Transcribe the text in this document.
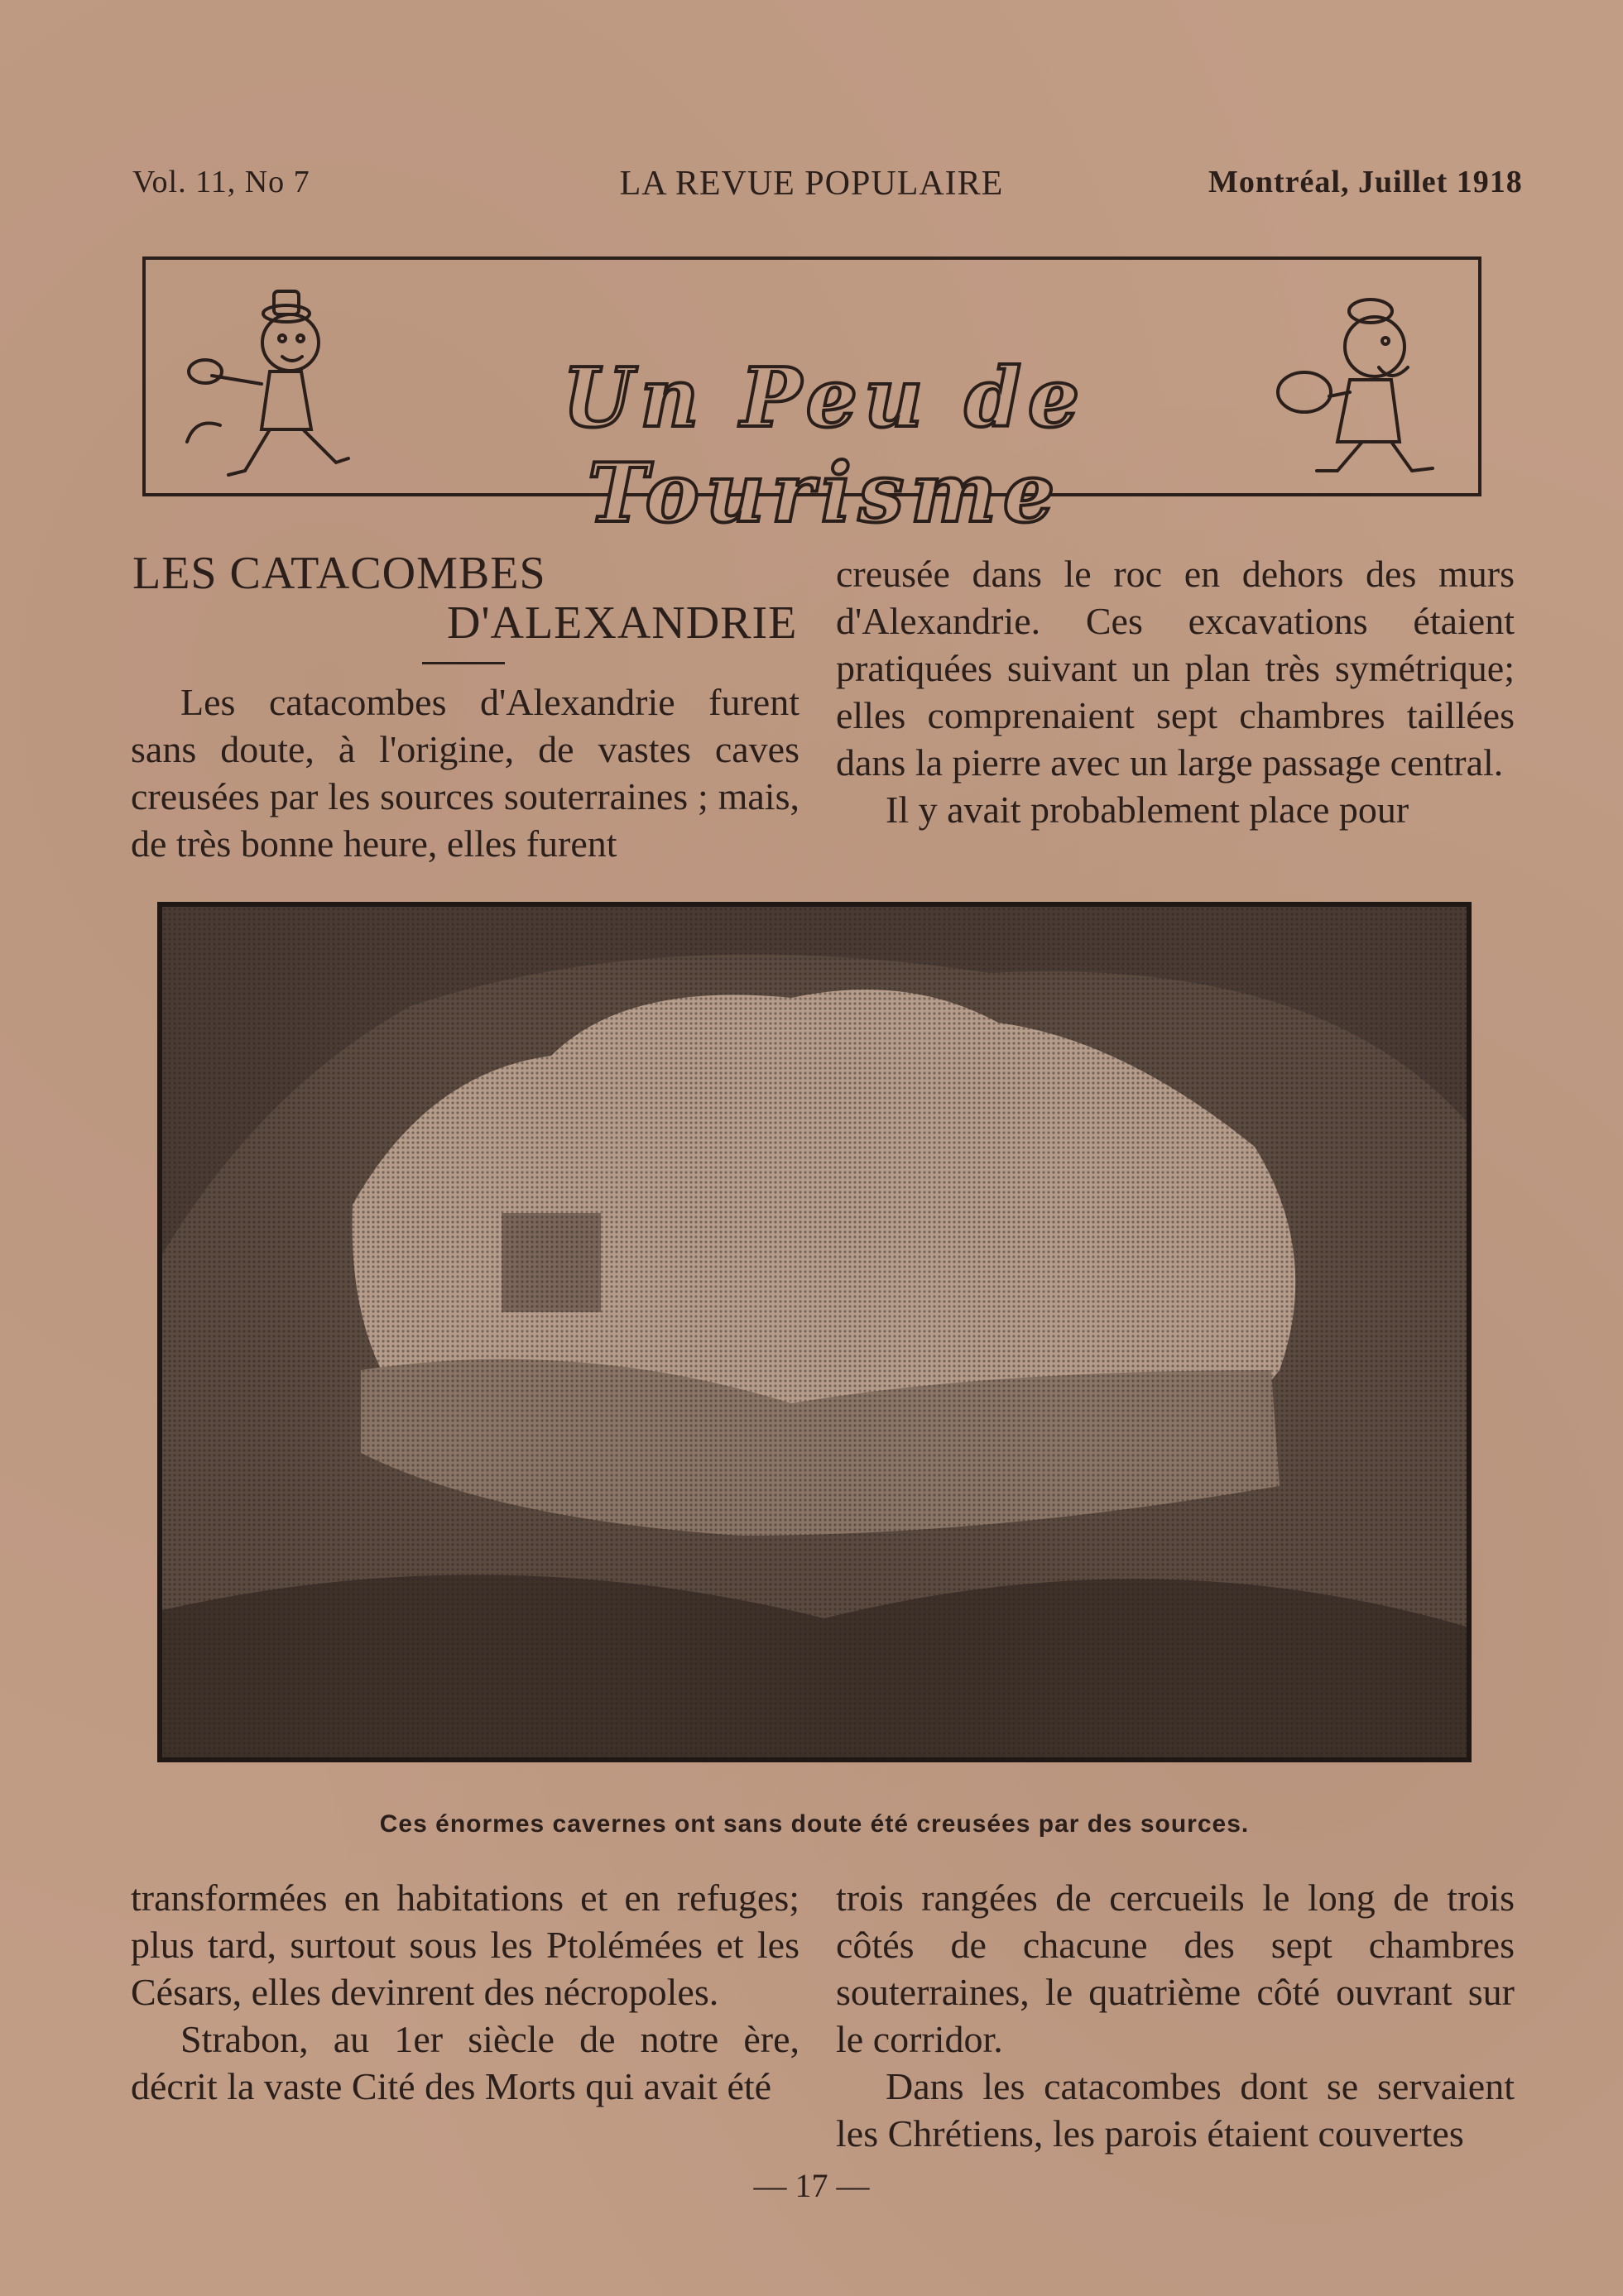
Vol. 11, No 7	LA REVUE POPULAIRE	Montréal, Juillet 1918
Un Peu de Tourisme
LES CATACOMBES
D'ALEXANDRIE

Les catacombes d'Alexandrie furent sans doute, à l'origine, de vastes caves creusées par les sources souterraines ; mais, de très bonne heure, elles furent

creusée dans le roc en dehors des murs d'Alexandrie. Ces excavations étaient pratiquées suivant un plan très symétrique; elles comprenaient sept chambres taillées dans la pierre avec un large passage central.

Il y avait probablement place pour

Ces énormes cavernes ont sans doute été creusées par des sources.

transformées en habitations et en refuges; plus tard, surtout sous les Ptolémées et les Césars, elles devinrent des nécropoles.

Strabon, au 1er siècle de notre ère, décrit la vaste Cité des Morts qui avait été

trois rangées de cercueils le long de trois côtés de chacune des sept chambres souterraines, le quatrième côté ouvrant sur le corridor.

Dans les catacombes dont se servaient les Chrétiens, les parois étaient couvertes

— 17 —
